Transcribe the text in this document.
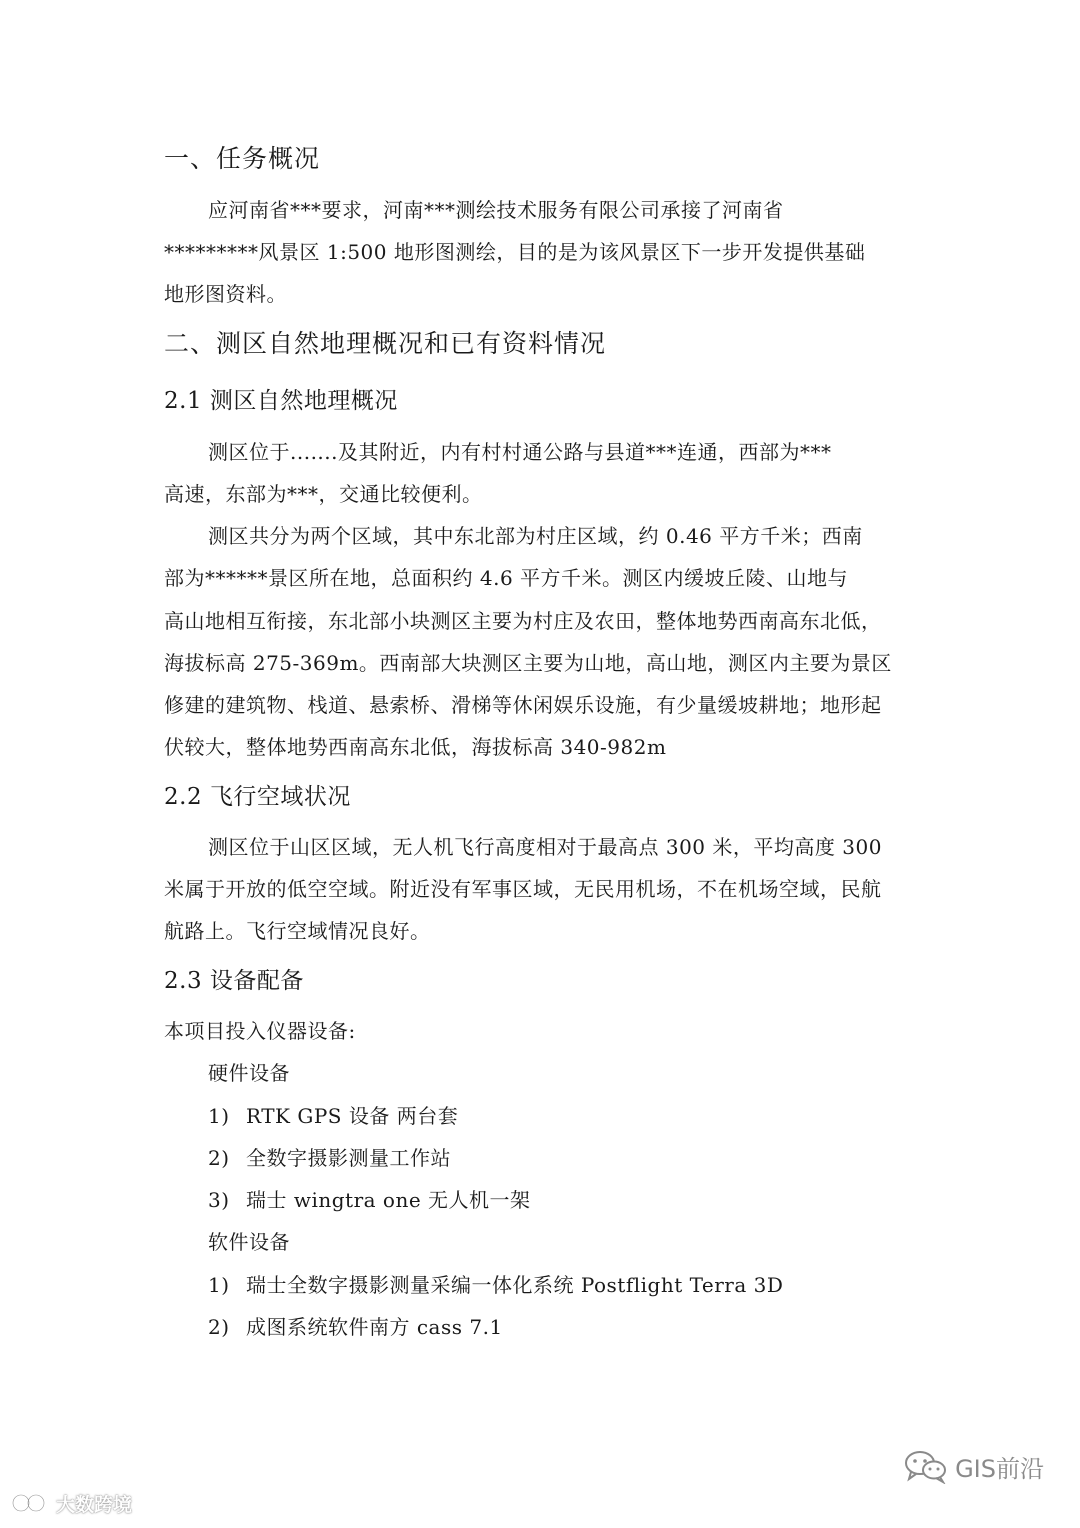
一、任务概况
应河南省***要求，河南***测绘技术服务有限公司承接了河南省
*********风景区 1:500 地形图测绘，目的是为该风景区下一步开发提供基础
地形图资料。
二、测区自然地理概况和已有资料情况
2.1 测区自然地理概况
测区位于.......及其附近，内有村村通公路与县道***连通，西部为***
高速，东部为***，交通比较便利。
测区共分为两个区域，其中东北部为村庄区域，约 0.46 平方千米；西南
部为******景区所在地，总面积约 4.6 平方千米。测区内缓坡丘陵、山地与
高山地相互衔接，东北部小块测区主要为村庄及农田，整体地势西南高东北低，
海拔标高 275-369m。西南部大块测区主要为山地，高山地，测区内主要为景区
修建的建筑物、栈道、悬索桥、滑梯等休闲娱乐设施，有少量缓坡耕地；地形起
伏较大，整体地势西南高东北低，海拔标高 340-982m
2.2 飞行空域状况
测区位于山区区域，无人机飞行高度相对于最高点 300 米，平均高度 300
米属于开放的低空空域。附近没有军事区域，无民用机场，不在机场空域，民航
航路上。飞行空域情况良好。
2.3 设备配备
本项目投入仪器设备:
硬件设备
1) RTK GPS 设备 两台套
2) 全数字摄影测量工作站
3) 瑞士 wingtra one 无人机一架
软件设备
1) 瑞士全数字摄影测量采编一体化系统 Postflight Terra 3D
2) 成图系统软件南方 cass 7.1
GIS前沿
大数跨境
